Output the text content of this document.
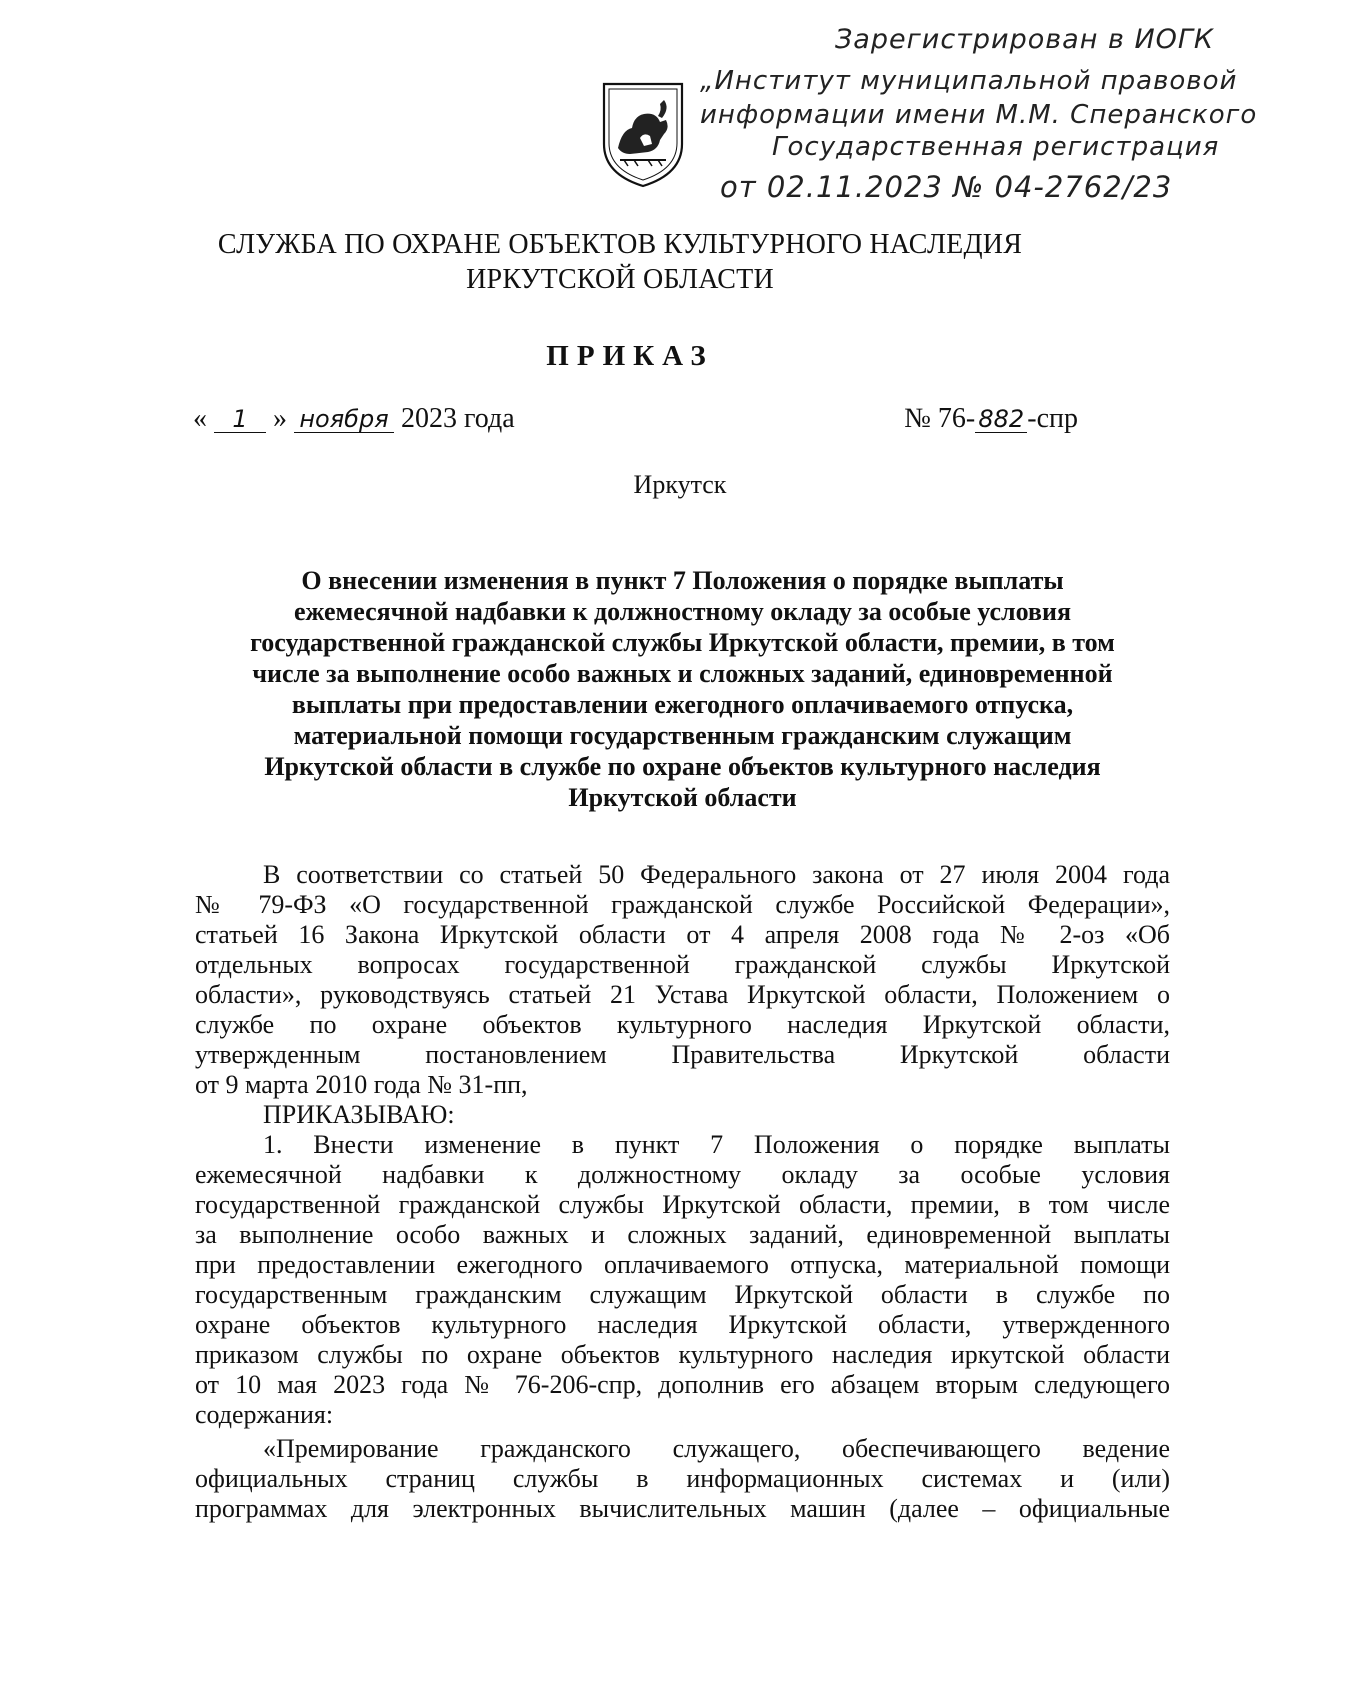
Зарегистрирован в ИОГК
„Институт муниципальной правовой
информации имени М.М. Сперанского
Государственная регистрация
от 02.11.2023 № 04-2762/23
СЛУЖБА ПО ОХРАНЕ ОБЪЕКТОВ КУЛЬТУРНОГО НАСЛЕДИЯ
ИРКУТСКОЙ ОБЛАСТИ
ПРИКАЗ
« 1 » ноября 2023 года	№ 76- 882 -спр
Иркутск
О внесении изменения в пункт 7 Положения о порядке выплаты
ежемесячной надбавки к должностному окладу за особые условия
государственной гражданской службы Иркутской области, премии, в том
числе за выполнение особо важных и сложных заданий, единовременной
выплаты при предоставлении ежегодного оплачиваемого отпуска,
материальной помощи государственным гражданским служащим
Иркутской области в службе по охране объектов культурного наследия
Иркутской области
В соответствии со статьей 50 Федерального закона от 27 июля 2004 года
№ 79-ФЗ «О государственной гражданской службе Российской Федерации»,
статьей 16 Закона Иркутской области от 4 апреля 2008 года № 2-оз «Об
отдельных вопросах государственной гражданской службы Иркутской
области», руководствуясь статьей 21 Устава Иркутской области, Положением о
службе по охране объектов культурного наследия Иркутской области,
утвержденным постановлением Правительства Иркутской области
от 9 марта 2010 года № 31-пп,
ПРИКАЗЫВАЮ:
1. Внести изменение в пункт 7 Положения о порядке выплаты
ежемесячной надбавки к должностному окладу за особые условия
государственной гражданской службы Иркутской области, премии, в том числе
за выполнение особо важных и сложных заданий, единовременной выплаты
при предоставлении ежегодного оплачиваемого отпуска, материальной помощи
государственным гражданским служащим Иркутской области в службе по
охране объектов культурного наследия Иркутской области, утвержденного
приказом службы по охране объектов культурного наследия иркутской области
от 10 мая 2023 года № 76-206-спр, дополнив его абзацем вторым следующего
содержания:
«Премирование гражданского служащего, обеспечивающего ведение
официальных страниц службы в информационных системах и (или)
программах для электронных вычислительных машин (далее – официальные
